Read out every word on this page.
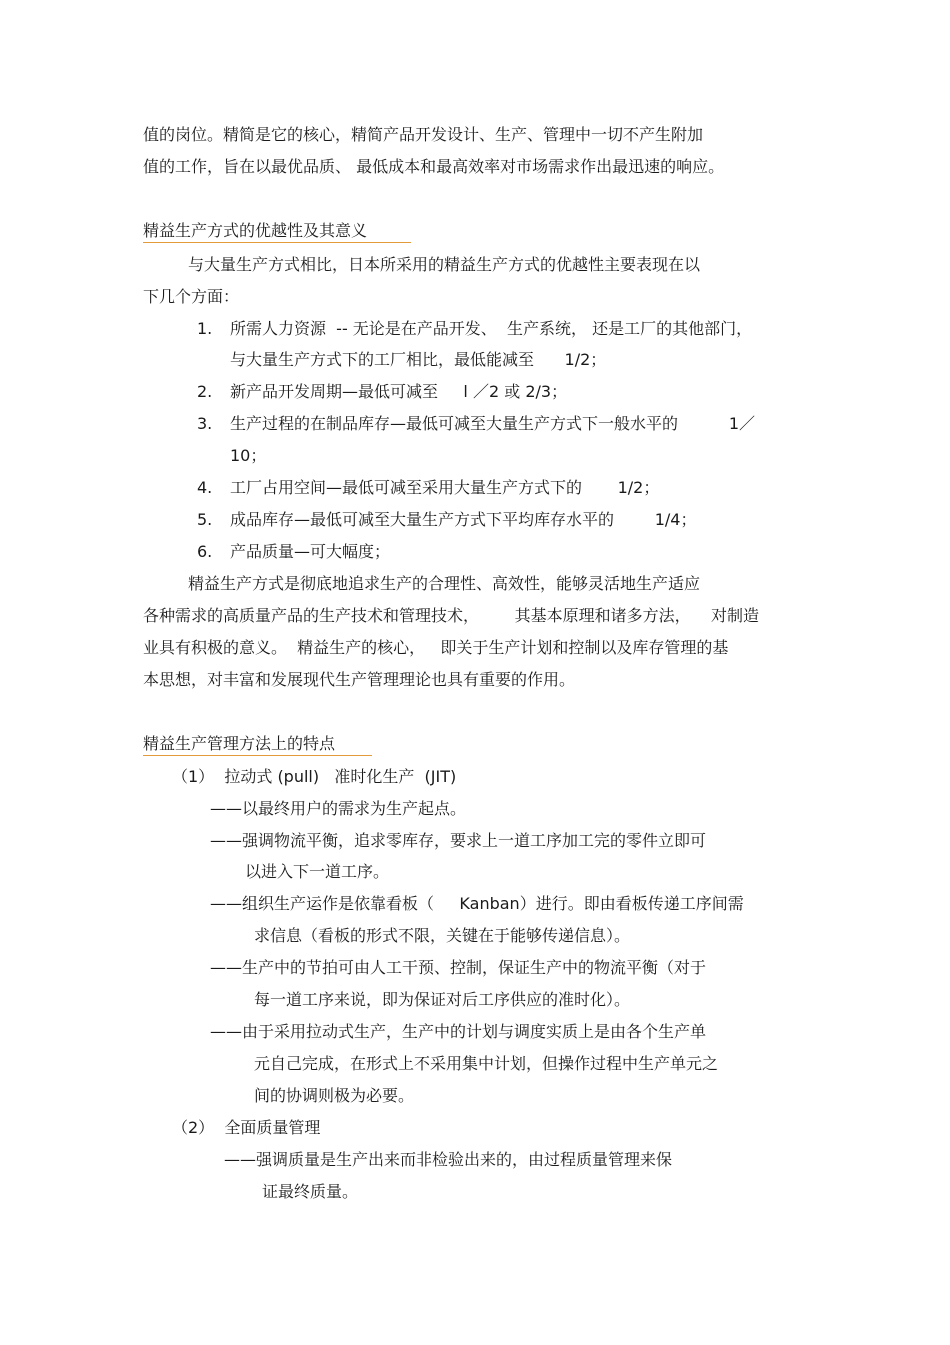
值的岗位。精简是它的核心，精简产品开发设计、生产、管理中一切不产生附加
值的工作，旨在以最优品质、 最低成本和最高效率对市场需求作出最迅速的响应。
精益生产方式的优越性及其意义
与大量生产方式相比，日本所采用的精益生产方式的优越性主要表现在以
下几个方面：
1. 所需人力资源  -- 无论是在产品开发、  生产系统， 还是工厂的其他部门，
与大量生产方式下的工厂相比，最低能减至      1/2；
2. 新产品开发周期—最低可减至     l ／2 或 2/3；
3. 生产过程的在制品库存—最低可减至大量生产方式下一般水平的          1／
10；
4. 工厂占用空间—最低可减至采用大量生产方式下的       1/2；
5. 成品库存—最低可减至大量生产方式下平均库存水平的        1/4；
6. 产品质量—可大幅度；
精益生产方式是彻底地追求生产的合理性、高效性，能够灵活地生产适应
各种需求的高质量产品的生产技术和管理技术，       其基本原理和诸多方法，    对制造
业具有积极的意义。  精益生产的核心，   即关于生产计划和控制以及库存管理的基
本思想，对丰富和发展现代生产管理理论也具有重要的作用。
精益生产管理方法上的特点
（1）  拉动式 (pull)   准时化生产  (JIT)
——以最终用户的需求为生产起点。
——强调物流平衡，追求零库存，要求上一道工序加工完的零件立即可
以进入下一道工序。
——组织生产运作是依靠看板（     Kanban）进行。即由看板传递工序间需
求信息（看板的形式不限，关键在于能够传递信息）。
——生产中的节拍可由人工干预、控制，保证生产中的物流平衡（对于
每一道工序来说，即为保证对后工序供应的准时化）。
——由于采用拉动式生产，生产中的计划与调度实质上是由各个生产单
元自己完成，在形式上不采用集中计划，但操作过程中生产单元之
间的协调则极为必要。
（2）  全面质量管理
——强调质量是生产出来而非检验出来的，由过程质量管理来保
证最终质量。
